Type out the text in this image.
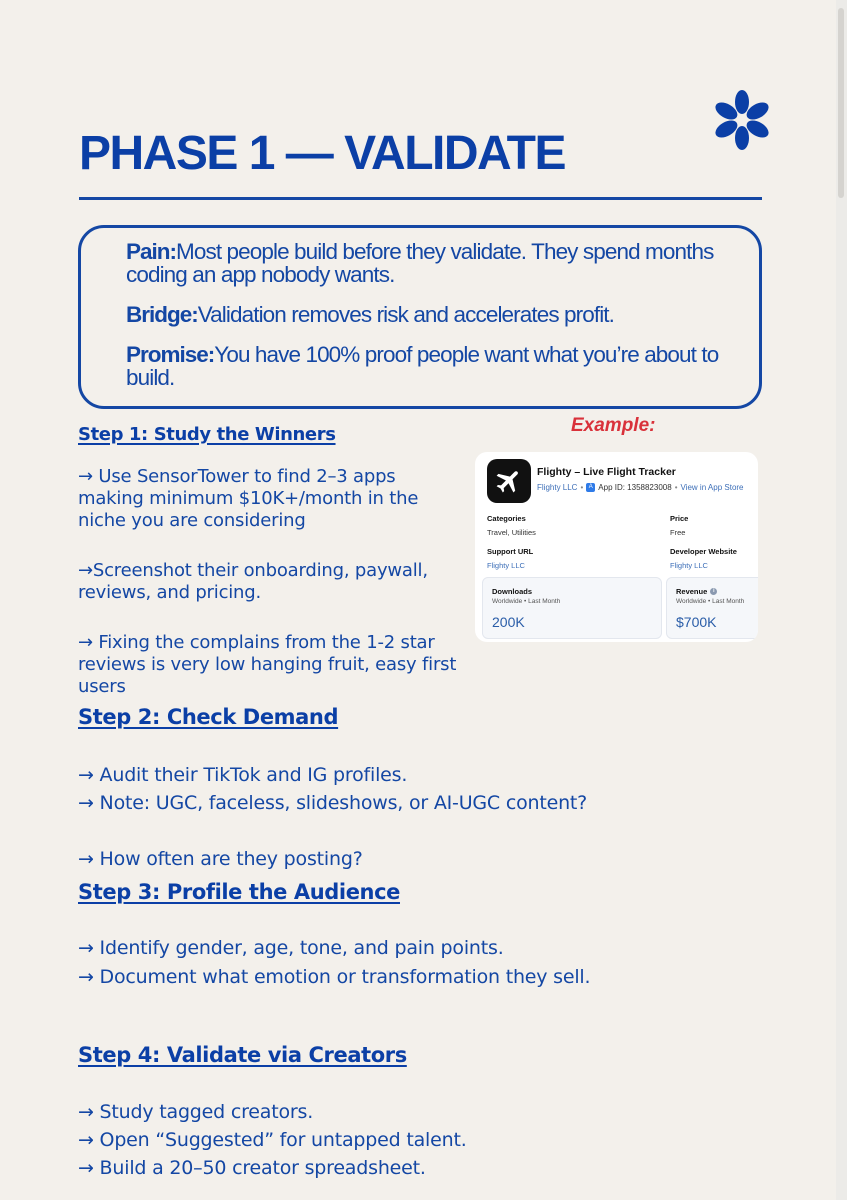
PHASE 1 — VALIDATE

Pain:Most people build before they validate. They spend months coding an app nobody wants.

Bridge:Validation removes risk and accelerates profit.

Promise:You have 100% proof people want what you’re about to build.

Step 1: Study the Winners
→ Use SensorTower to find 2–3 apps making minimum $10K+/month in the niche you are considering
→Screenshot their onboarding, paywall, reviews, and pricing.
→ Fixing the complains from the 1-2 star reviews is very low hanging fruit, easy first users
Example:
Flighty – Live Flight Tracker
Flighty LLC • A App ID: 1358823008 • View in App Store
Categories
Travel, Utilities
Price
Free
Support URL
Flighty LLC
Developer Website
Flighty LLC
Downloads
Worldwide • Last Month
200K
Revenue	i
Worldwide • Last Month
$700K
Step 2: Check Demand
→ Audit their TikTok and IG profiles.
→ Note: UGC, faceless, slideshows, or AI-UGC content?
→ How often are they posting?
Step 3: Profile the Audience
→ Identify gender, age, tone, and pain points.
→ Document what emotion or transformation they sell.
Step 4: Validate via Creators
→ Study tagged creators.
→ Open “Suggested” for untapped talent.
→ Build a 20–50 creator spreadsheet.
